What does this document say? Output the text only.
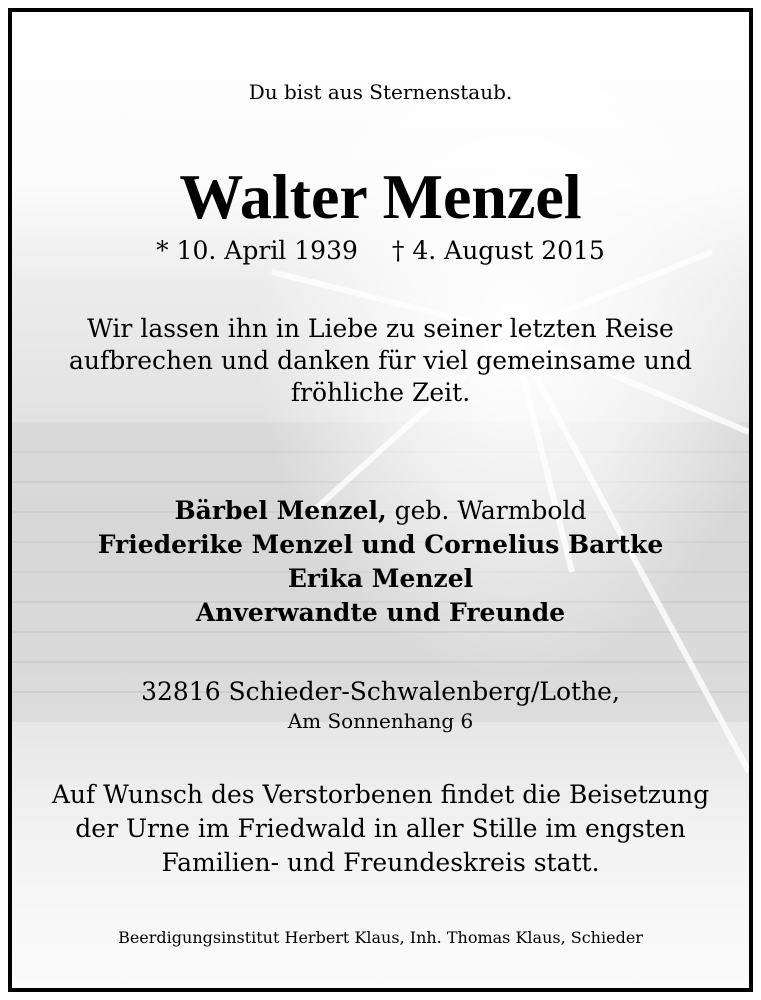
Du bist aus Sternenstaub.
Walter Menzel
* 10. April 1939 † 4. August 2015
Wir lassen ihn in Liebe zu seiner letzten Reise
aufbrechen und danken für viel gemeinsame und
fröhliche Zeit.
Bärbel Menzel, geb. Warmbold
Friederike Menzel und Cornelius Bartke
Erika Menzel
Anverwandte und Freunde
32816 Schieder-Schwalenberg/Lothe,
Am Sonnenhang 6
Auf Wunsch des Verstorbenen findet die Beisetzung
der Urne im Friedwald in aller Stille im engsten
Familien- und Freundeskreis statt.
Beerdigungsinstitut Herbert Klaus, Inh. Thomas Klaus, Schieder
